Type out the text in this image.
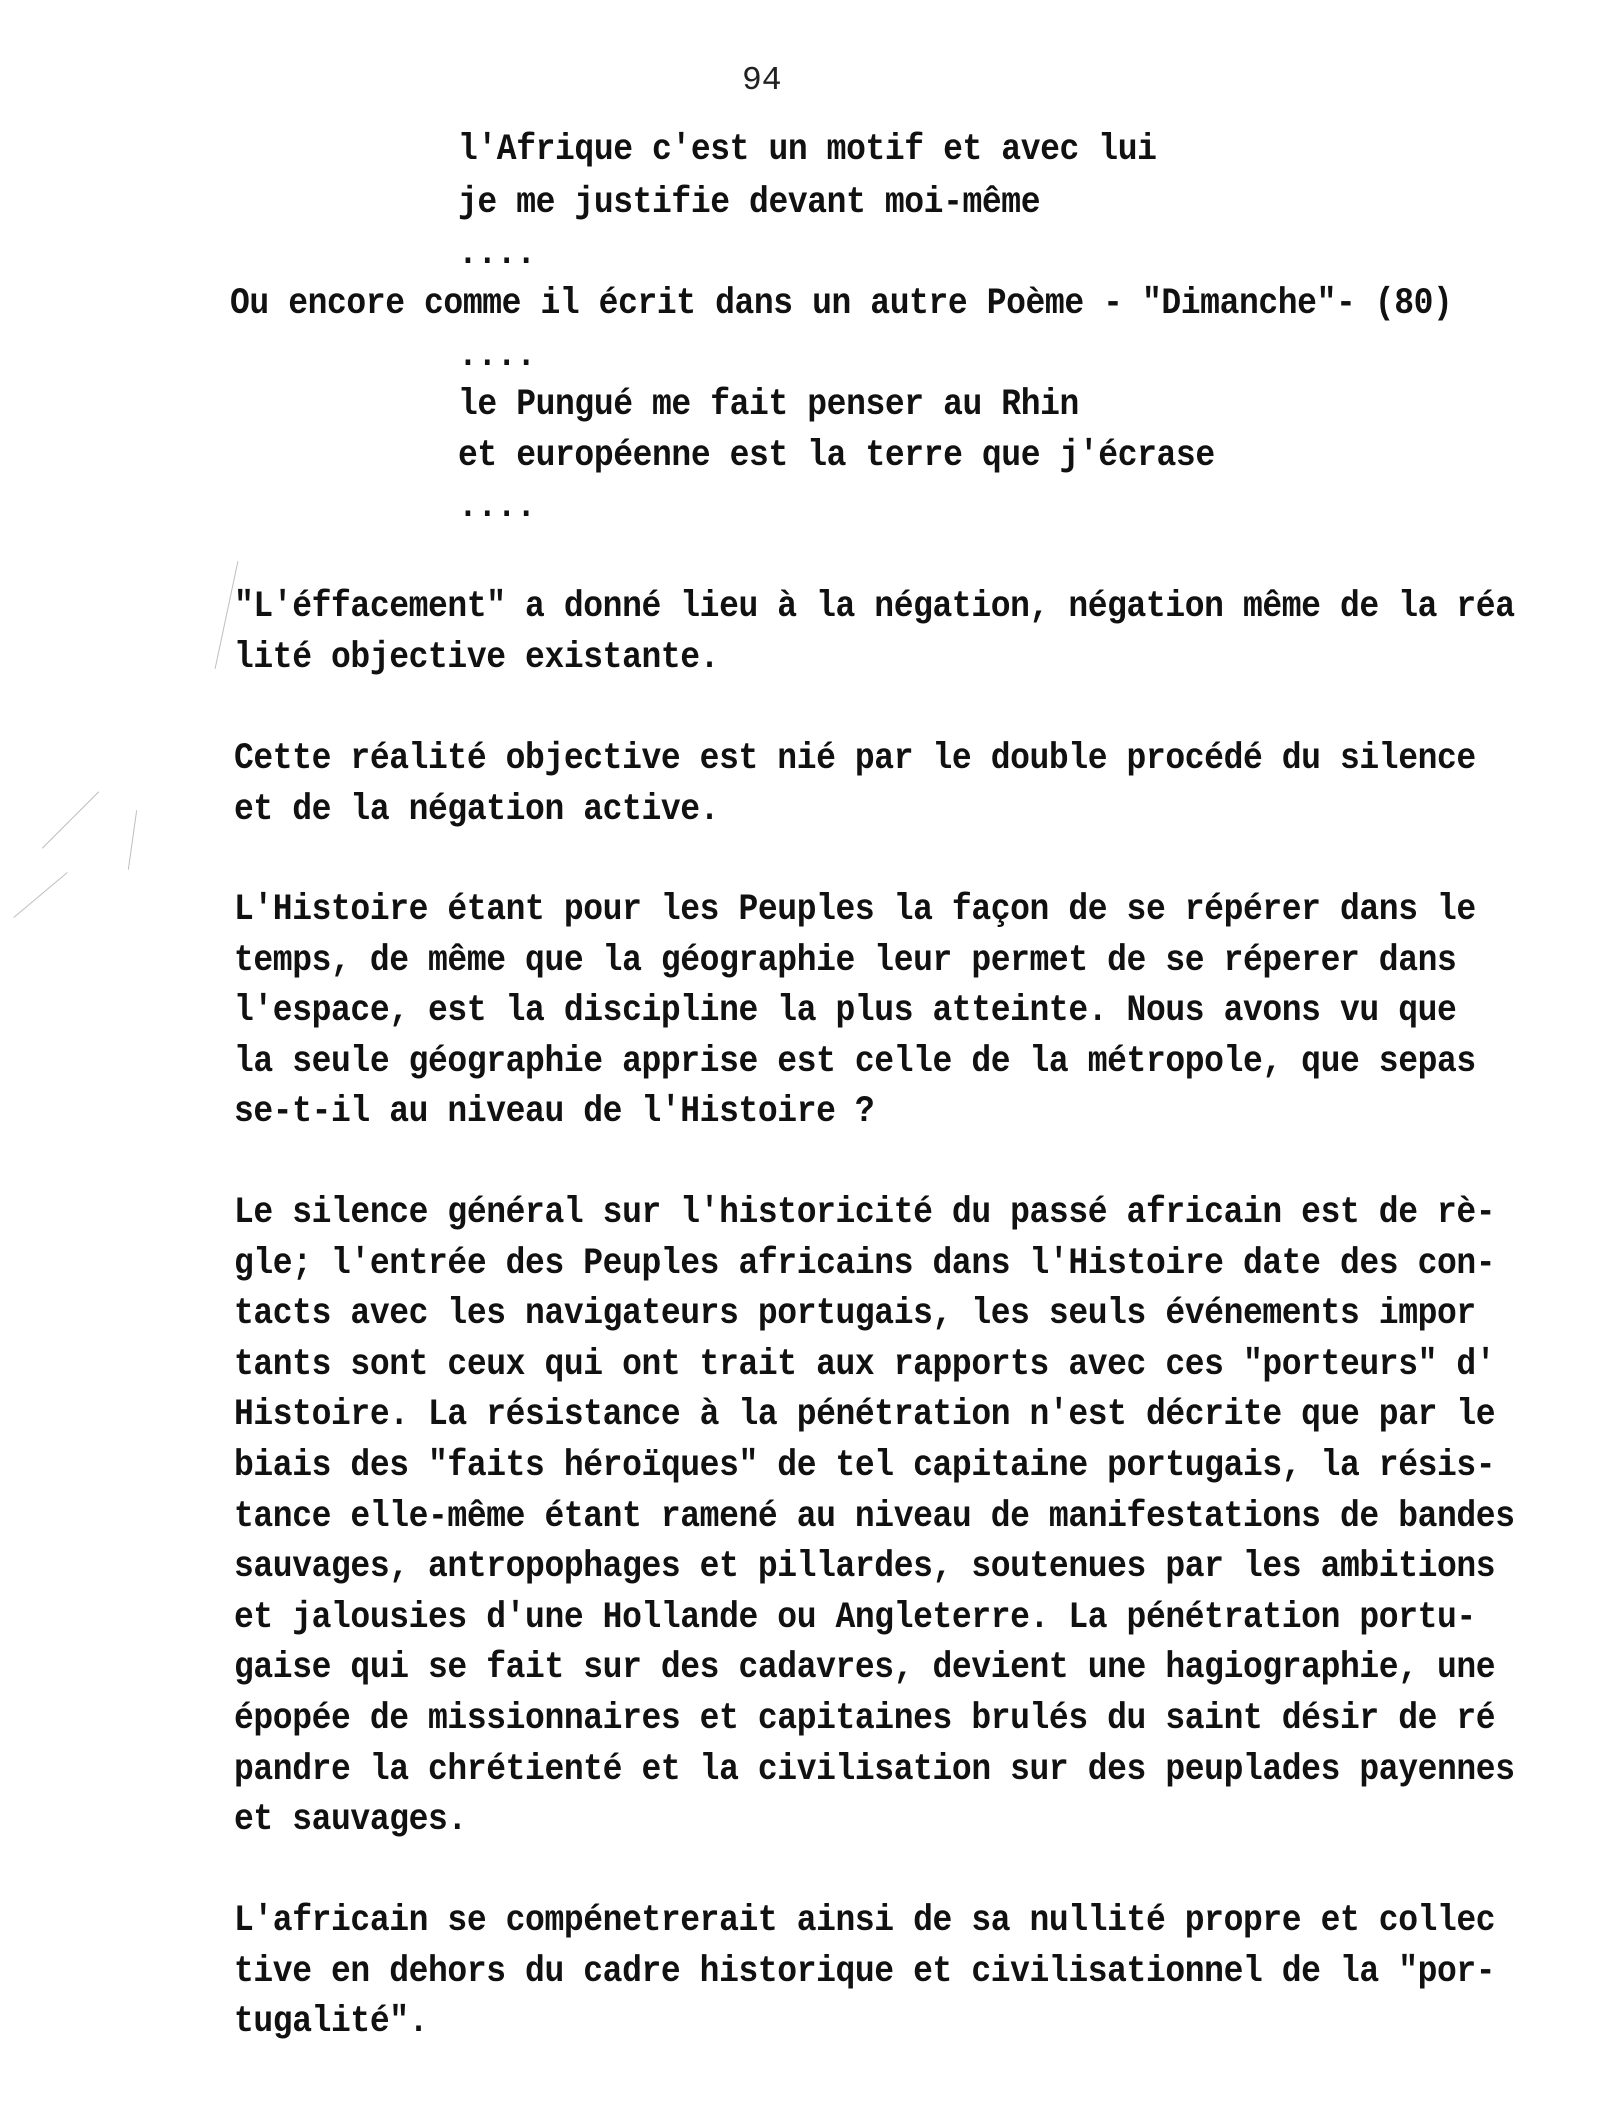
94
l'Afrique c'est un motif et avec lui
je me justifie devant moi-même
....
Ou encore comme il écrit dans un autre Poème - "Dimanche"- (80)
....
le Pungué me fait penser au Rhin
et européenne est la terre que j'écrase
....
"L'éffacement" a donné lieu à la négation, négation même de la réa
lité objective existante.
Cette réalité objective est nié par le double procédé du silence
et de la négation active.
L'Histoire étant pour les Peuples la façon de se répérer dans le
temps, de même que la géographie leur permet de se réperer dans
l'espace, est la discipline la plus atteinte. Nous avons vu que
la seule géographie apprise est celle de la métropole, que sepas
se-t-il au niveau de l'Histoire ?
Le silence général sur l'historicité du passé africain est de rè-
gle; l'entrée des Peuples africains dans l'Histoire date des con-
tacts avec les navigateurs portugais, les seuls événements impor
tants sont ceux qui ont trait aux rapports avec ces "porteurs" d'
Histoire. La résistance à la pénétration n'est décrite que par le
biais des "faits héroïques" de tel capitaine portugais, la résis-
tance elle-même étant ramené au niveau de manifestations de bandes
sauvages, antropophages et pillardes, soutenues par les ambitions
et jalousies d'une Hollande ou Angleterre. La pénétration portu-
gaise qui se fait sur des cadavres, devient une hagiographie, une
épopée de missionnaires et capitaines brulés du saint désir de ré
pandre la chrétienté et la civilisation sur des peuplades payennes
et sauvages.
L'africain se compénetrerait ainsi de sa nullité propre et collec
tive en dehors du cadre historique et civilisationnel de la "por-
tugalité".
